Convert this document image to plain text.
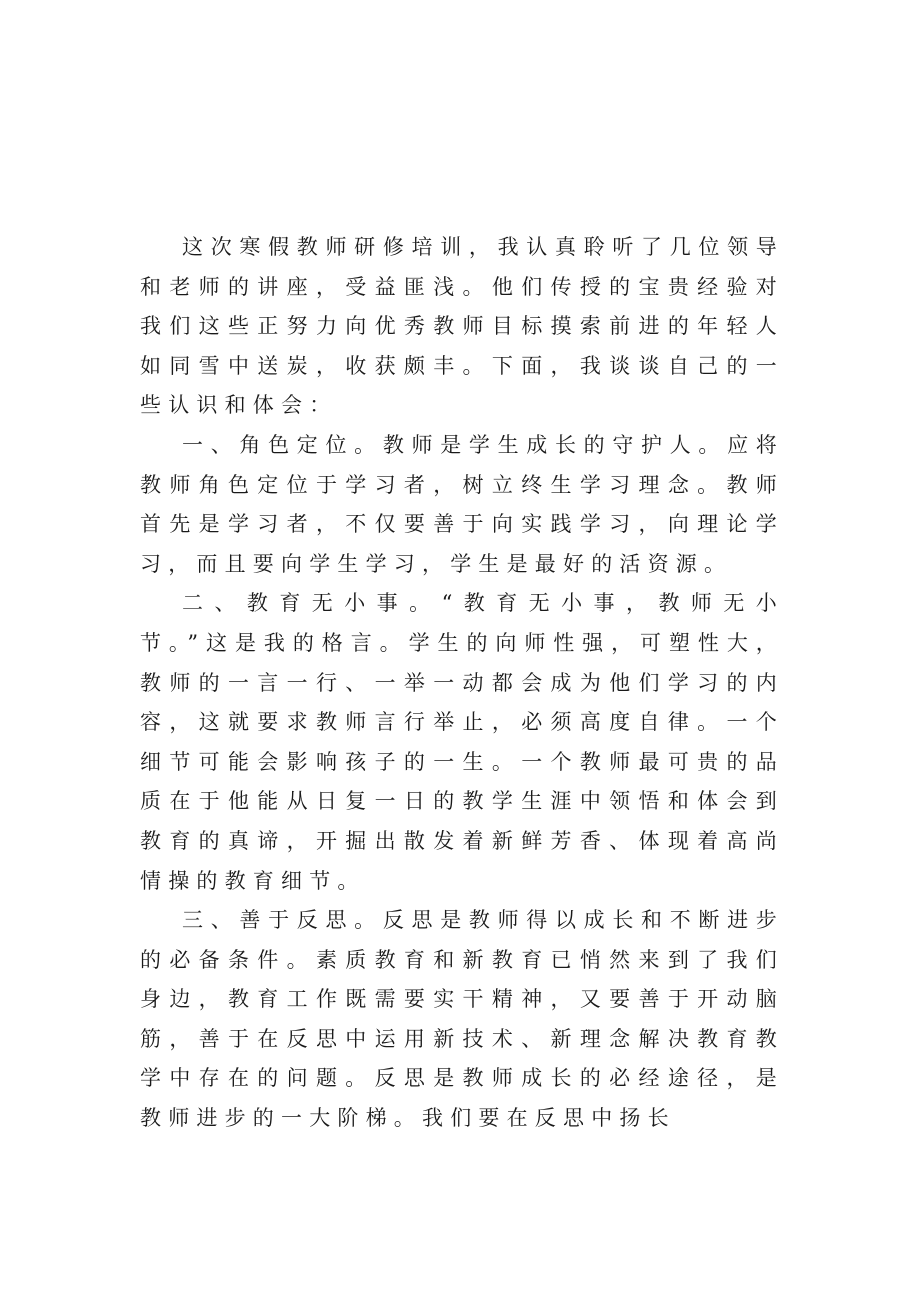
这次寒假教师研修培训，我认真聆听了几位领导和老师的讲座，受益匪浅。他们传授的宝贵经验对我们这些正努力向优秀教师目标摸索前进的年轻人如同雪中送炭，收获颇丰。下面，我谈谈自己的一些认识和体会：

一、角色定位。教师是学生成长的守护人。应将教师角色定位于学习者，树立终生学习理念。教师首先是学习者，不仅要善于向实践学习，向理论学习，而且要向学生学习，学生是最好的活资源。

二、教育无小事。“教育无小事，教师无小节。”这是我的格言。学生的向师性强，可塑性大，教师的一言一行、一举一动都会成为他们学习的内容，这就要求教师言行举止，必须高度自律。一个细节可能会影响孩子的一生。一个教师最可贵的品质在于他能从日复一日的教学生涯中领悟和体会到教育的真谛，开掘出散发着新鲜芳香、体现着高尚情操的教育细节。

三、善于反思。反思是教师得以成长和不断进步的必备条件。素质教育和新教育已悄然来到了我们身边，教育工作既需要实干精神，又要善于开动脑筋，善于在反思中运用新技术、新理念解决教育教学中存在的问题。反思是教师成长的必经途径，是教师进步的一大阶梯。我们要在反思中扬长
